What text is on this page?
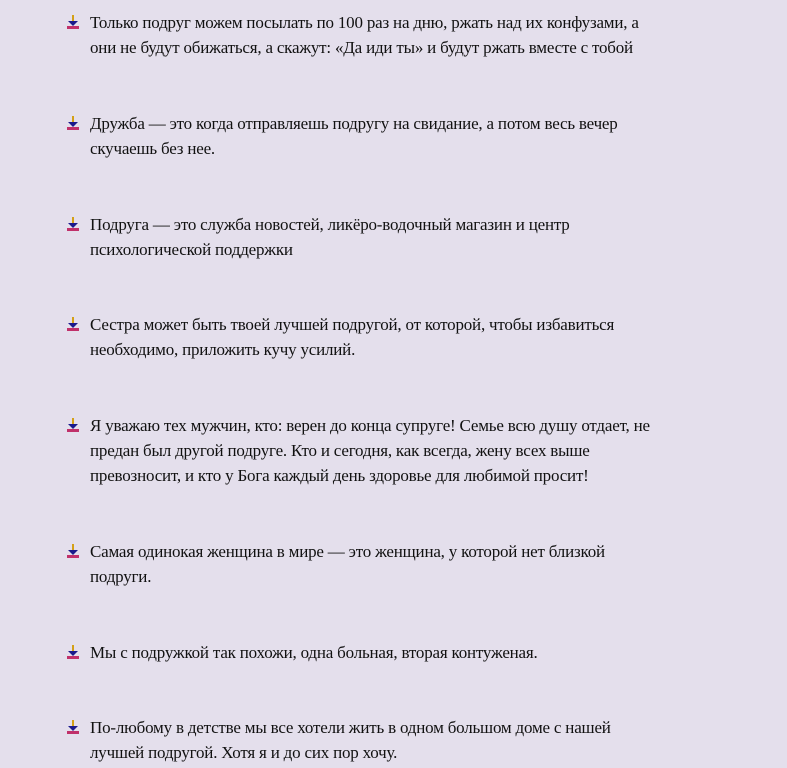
Только подруг можем посылать по 100 раз на дню, ржать над их конфузами, а
они не будут обижаться, а скажут: «Да иди ты» и будут ржать вместе с тобой
Дружба — это когда отправляешь подругу на свидание, а потом весь вечер
скучаешь без нее.
Подруга — это служба новостей, ликёро-водочный магазин и центр
психологической поддержки
Сестра может быть твоей лучшей подругой, от которой, чтобы избавиться
необходимо, приложить кучу усилий.
Я уважаю тех мужчин, кто: верен до конца супруге! Семье всю душу отдает, не
предан был другой подруге. Кто и сегодня, как всегда, жену всех выше
превозносит, и кто у Бога каждый день здоровье для любимой просит!
Самая одинокая женщина в мире — это женщина, у которой нет близкой
подруги.
Мы с подружкой так похожи, одна больная, вторая контуженая.
По-любому в детстве мы все хотели жить в одном большом доме с нашей
лучшей подругой. Хотя я и до сих пор хочу.
